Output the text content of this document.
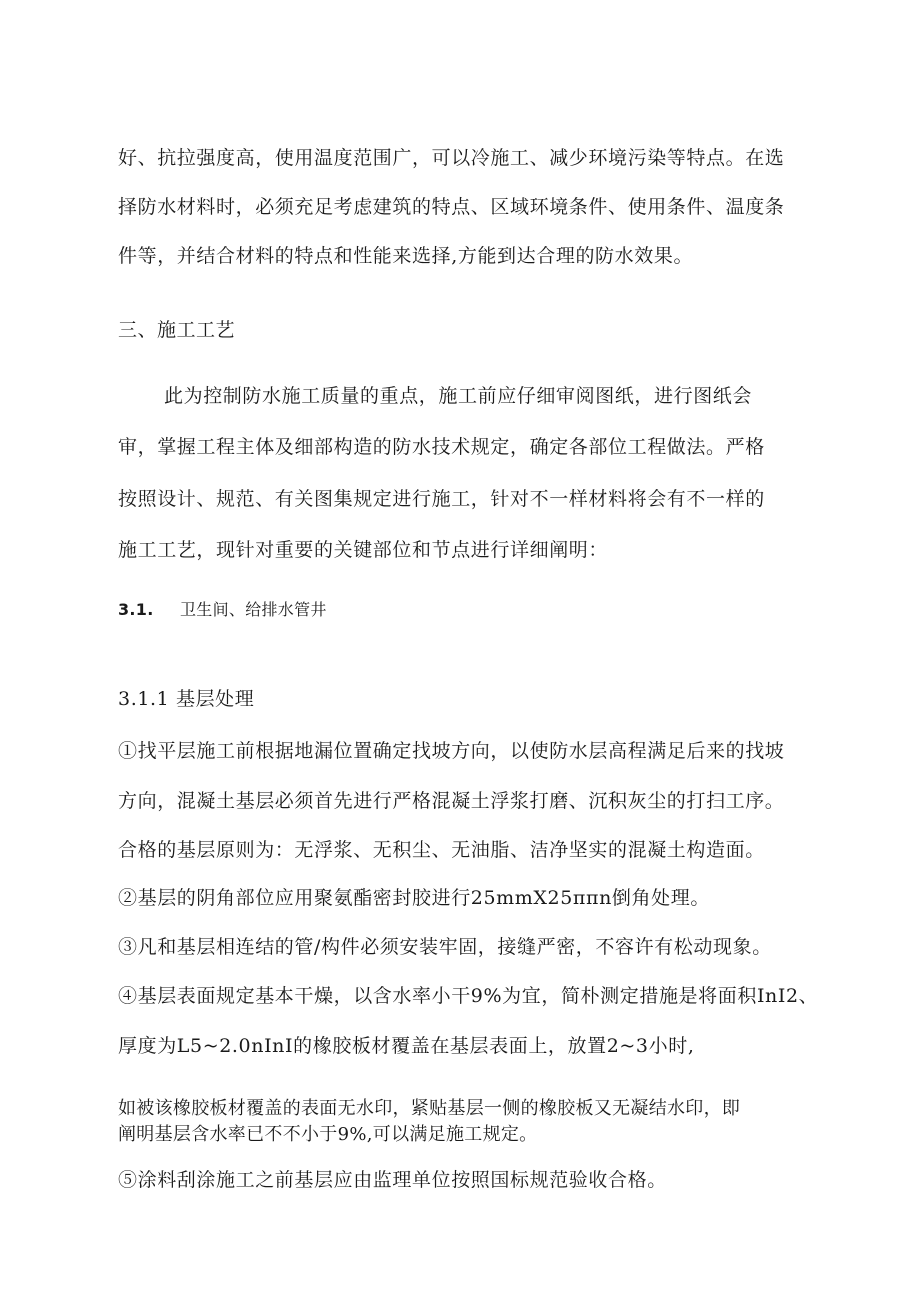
好、抗拉强度高，使用温度范围广，可以冷施工、减少环境污染等特点。在选
择防水材料时，必须充足考虑建筑的特点、区域环境条件、使用条件、温度条
件等，并结合材料的特点和性能来选择,方能到达合理的防水效果。
三、施工工艺
此为控制防水施工质量的重点，施工前应仔细审阅图纸，进行图纸会
审，掌握工程主体及细部构造的防水技术规定，确定各部位工程做法。严格
按照设计、规范、有关图集规定进行施工，针对不一样材料将会有不一样的
施工工艺，现针对重要的关键部位和节点进行详细阐明：
3.1. 卫生间、给排水管井
3.1.1 基层处理
①找平层施工前根据地漏位置确定找坡方向，以使防水层高程满足后来的找坡
方向，混凝土基层必须首先进行严格混凝土浮浆打磨、沉积灰尘的打扫工序。
合格的基层原则为：无浮浆、无积尘、无油脂、洁净坚实的混凝土构造面。
②基层的阴角部位应用聚氨酯密封胶进行25mmX25ππn倒角处理。
③凡和基层相连结的管/构件必须安装牢固，接缝严密，不容许有松动现象。
④基层表面规定基本干燥，以含水率小干9%为宜，简朴测定措施是将面积InI2、
厚度为L5~2.0nInI的橡胶板材覆盖在基层表面上，放置2~3小时,
如被该橡胶板材覆盖的表面无水印，紧贴基层一侧的橡胶板又无凝结水印，即
阐明基层含水率已不不小于9%,可以满足施工规定。
⑤涂料刮涂施工之前基层应由监理单位按照国标规范验收合格。
